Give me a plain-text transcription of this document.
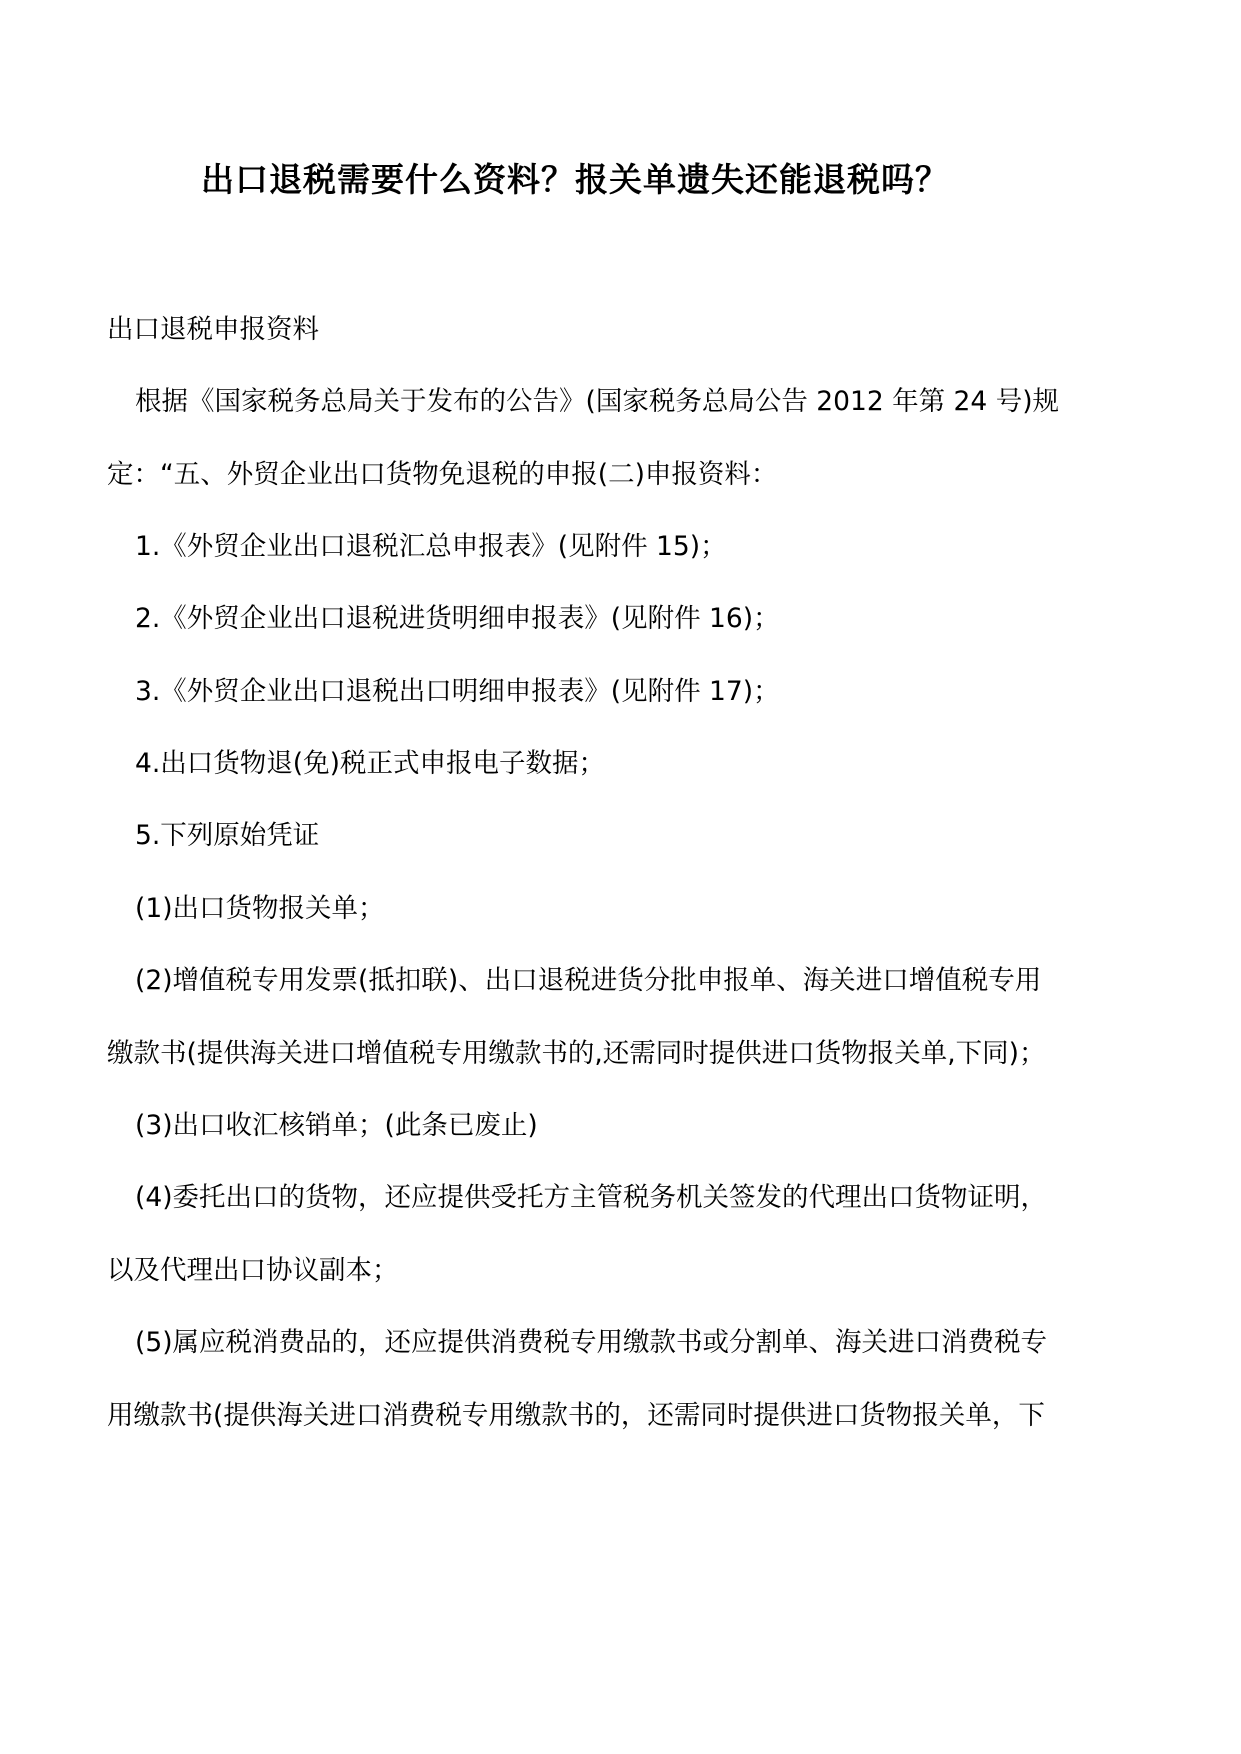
出口退税需要什么资料？报关单遗失还能退税吗？
出口退税申报资料
根据《国家税务总局关于发布的公告》(国家税务总局公告 2012 年第 24 号)规
定：“五、外贸企业出口货物免退税的申报(二)申报资料：
1.《外贸企业出口退税汇总申报表》(见附件 15)；
2.《外贸企业出口退税进货明细申报表》(见附件 16)；
3.《外贸企业出口退税出口明细申报表》(见附件 17)；
4.出口货物退(免)税正式申报电子数据；
5.下列原始凭证
(1)出口货物报关单；
(2)增值税专用发票(抵扣联)、出口退税进货分批申报单、海关进口增值税专用
缴款书(提供海关进口增值税专用缴款书的,还需同时提供进口货物报关单,下同)；
(3)出口收汇核销单；(此条已废止)
(4)委托出口的货物，还应提供受托方主管税务机关签发的代理出口货物证明，
以及代理出口协议副本；
(5)属应税消费品的，还应提供消费税专用缴款书或分割单、海关进口消费税专
用缴款书(提供海关进口消费税专用缴款书的，还需同时提供进口货物报关单，下
